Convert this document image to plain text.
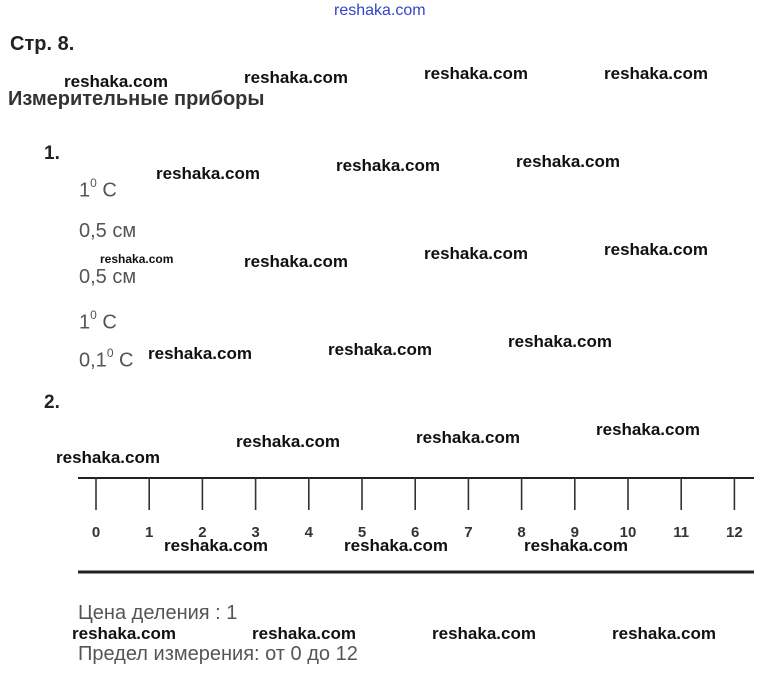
reshaka.com
Стр. 8.
Измерительные приборы
1.
$1^0$ С
0,5 см
0,5 см
$1^0$ С
$0,1^0$ С
2.
0	1	2	3	4	5	6	7	8	9	10 11 12
Цена деления : 1
Предел измерения: от 0 до 12
reshaka.com	reshaka.com	reshaka.com	reshaka.com
reshaka.com	reshaka.com	reshaka.com
reshaka.com	reshaka.com	reshaka.com	reshaka.com
reshaka.com	reshaka.com	reshaka.com
reshaka.com
reshaka.com	reshaka.com	reshaka.com
reshaka.com	reshaka.com	reshaka.com
reshaka.com	reshaka.com	reshaka.com	reshaka.com
